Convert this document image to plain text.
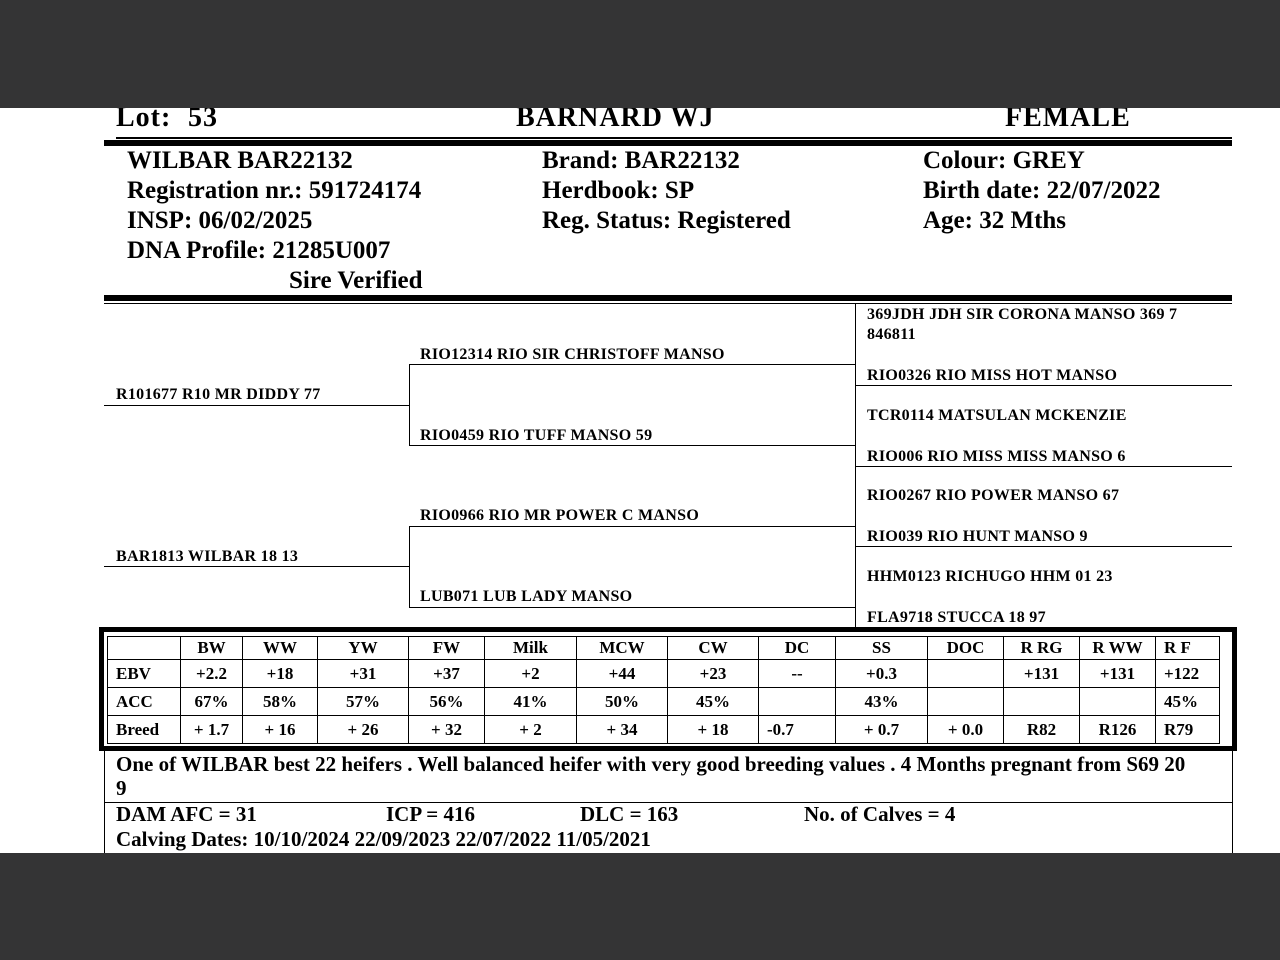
Lot: 53	BARNARD WJ	FEMALE
WILBAR BAR22132
Registration nr.: 591724174
INSP: 06/02/2025
DNA Profile: 21285U007
Sire Verified
Brand: BAR22132
Herdbook: SP
Reg. Status: Registered
Colour: GREY
Birth date: 22/07/2022
Age: 32 Mths
R101677 R10 MR DIDDY 77
BAR1813 WILBAR 18 13
RIO12314 RIO SIR CHRISTOFF MANSO
RIO0459 RIO TUFF MANSO 59
RIO0966 RIO MR POWER C MANSO
LUB071 LUB LADY MANSO
369JDH JDH SIR CORONA MANSO 369 7
846811
RIO0326 RIO MISS HOT MANSO
TCR0114 MATSULAN MCKENZIE
RIO006 RIO MISS MISS MANSO 6
RIO0267 RIO POWER MANSO 67
RIO039 RIO HUNT MANSO 9
HHM0123 RICHUGO HHM 01 23
FLA9718 STUCCA 18 97
	BW	WW	YW	FW	Milk	MCW	CW	DC	SS	DOC	R RG	R WW	R F
EBV	+2.2	+18	+31	+37	+2	+44	+23	--	+0.3		+131	+131	+122
ACC	67%	58%	57%	56%	41%	50%	45%		43%				45%
Breed	+ 1.7	+ 16	+ 26	+ 32	+ 2	+ 34	+ 18	-0.7	+ 0.7	+ 0.0	R82	R126	R79
One of WILBAR best 22 heifers . Well balanced heifer with very good breeding values . 4 Months pregnant from S69 20
9
DAM AFC = 31	ICP = 416	DLC = 163	No. of Calves = 4
Calving Dates: 10/10/2024 22/09/2023 22/07/2022 11/05/2021
